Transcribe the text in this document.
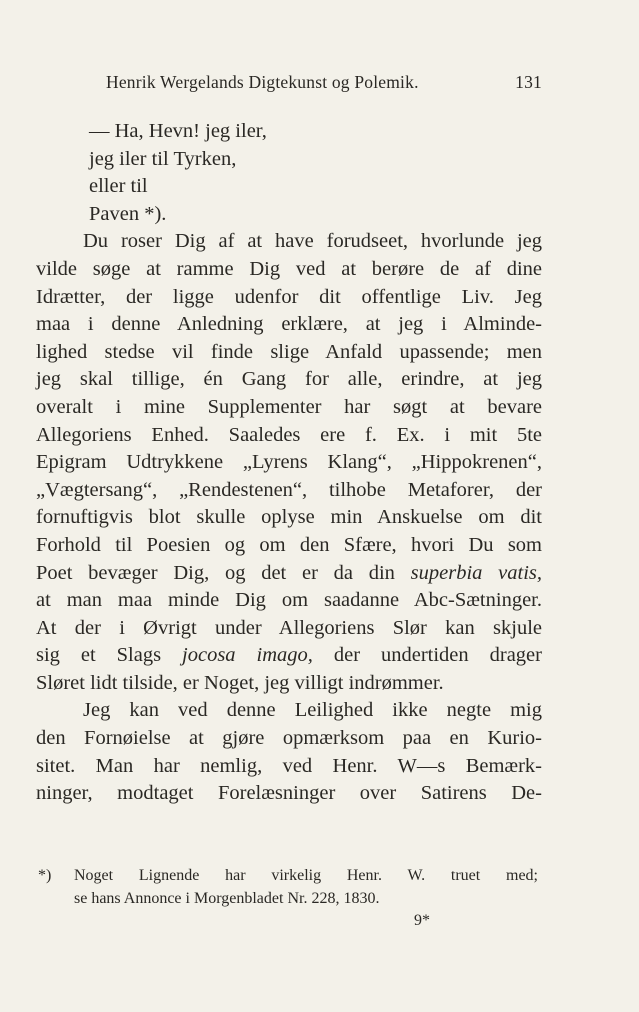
Henrik Wergelands Digtekunst og Polemik.	131
— Ha, Hevn! jeg iler,
jeg iler til Tyrken,
eller til
Paven *).
Du roser Dig af at have forudseet, hvorlunde jeg
vilde søge at ramme Dig ved at berøre de af dine
Idrætter, der ligge udenfor dit offentlige Liv. Jeg
maa i denne Anledning erklære, at jeg i Alminde-
lighed stedse vil finde slige Anfald upassende; men
jeg skal tillige, én Gang for alle, erindre, at jeg
overalt i mine Supplementer har søgt at bevare
Allegoriens Enhed. Saaledes ere f. Ex. i mit 5te
Epigram Udtrykkene „Lyrens Klang“, „Hippokrenen“,
„Vægtersang“, „Rendestenen“, tilhobe Metaforer, der
fornuftigvis blot skulle oplyse min Anskuelse om dit
Forhold til Poesien og om den Sfære, hvori Du som
Poet bevæger Dig, og det er da din superbia vatis,
at man maa minde Dig om saadanne Abc-Sætninger.
At der i Øvrigt under Allegoriens Slør kan skjule
sig et Slags jocosa imago, der undertiden drager
Sløret lidt tilside, er Noget, jeg villigt indrømmer.
Jeg kan ved denne Leilighed ikke negte mig
den Fornøielse at gjøre opmærksom paa en Kurio-
sitet. Man har nemlig, ved Henr. W—s Bemærk-
ninger, modtaget Forelæsninger over Satirens De-
*) Noget Lignende har virkelig Henr. W. truet med;
se hans Annonce i Morgenbladet Nr. 228, 1830.
9*
